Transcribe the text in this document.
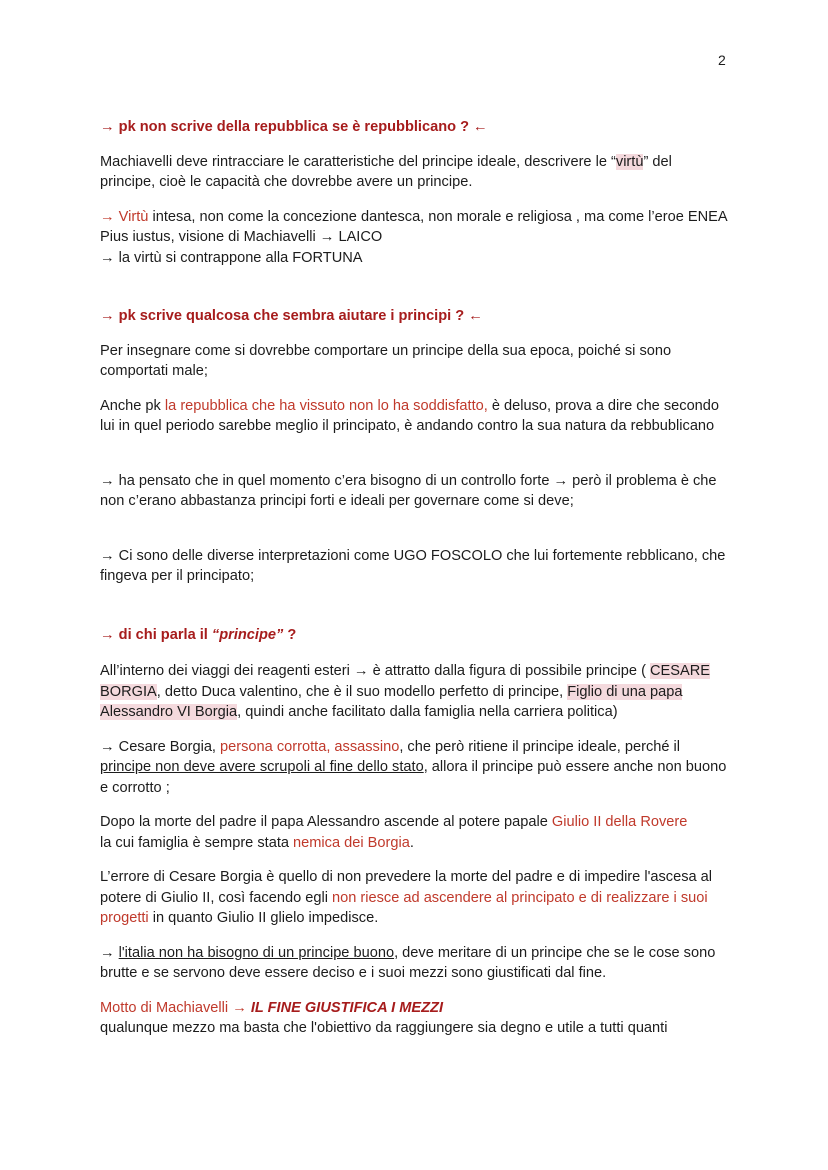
2

→ pk non scrive della repubblica se è repubblicano ? ←

Machiavelli deve rintracciare le caratteristiche del principe ideale, descrivere le “virtù” del principe, cioè le capacità che dovrebbe avere un principe.

→ Virtù intesa, non come la concezione dantesca, non morale e religiosa , ma come l’eroe ENEA Pius iustus, visione di Machiavelli → LAICO
→ la virtù si contrappone alla FORTUNA

→ pk scrive qualcosa che sembra aiutare i principi ? ←

Per insegnare come si dovrebbe comportare un principe della sua epoca, poiché si sono comportati male;

Anche pk la repubblica che ha vissuto non lo ha soddisfatto, è deluso, prova a dire che secondo lui in quel periodo sarebbe meglio il principato, è andando contro la sua natura da rebbublicano

→ ha pensato che in quel momento c’era bisogno di un controllo forte → però il problema è che non c’erano abbastanza principi forti e ideali per governare come si deve;

→ Ci sono delle diverse interpretazioni come UGO FOSCOLO che lui fortemente rebblicano, che fingeva per il principato;

→ di chi parla il “principe” ?

All’interno dei viaggi dei reagenti esteri → è attratto dalla figura di possibile principe ( CESARE BORGIA, detto Duca valentino, che è il suo modello perfetto di principe, Figlio di una papa Alessandro VI Borgia, quindi anche facilitato dalla famiglia nella carriera politica)

→ Cesare Borgia, persona corrotta, assassino, che però ritiene il principe ideale, perché il principe non deve avere scrupoli al fine dello stato, allora il principe può essere anche non buono e corrotto ;

Dopo la morte del padre il papa Alessandro ascende al potere papale Giulio II della Rovere
la cui famiglia è sempre stata nemica dei Borgia.

L’errore di Cesare Borgia è quello di non prevedere la morte del padre e di impedire l'ascesa al potere di Giulio II, così facendo egli non riesce ad ascendere al principato e di realizzare i suoi progetti in quanto Giulio II glielo impedisce.

→ l'italia non ha bisogno di un principe buono, deve meritare di un principe che se le cose sono brutte e se servono deve essere deciso e i suoi mezzi sono giustificati dal fine.

Motto di Machiavelli → IL FINE GIUSTIFICA I MEZZI
qualunque mezzo ma basta che l'obiettivo da raggiungere sia degno e utile a tutti quanti
